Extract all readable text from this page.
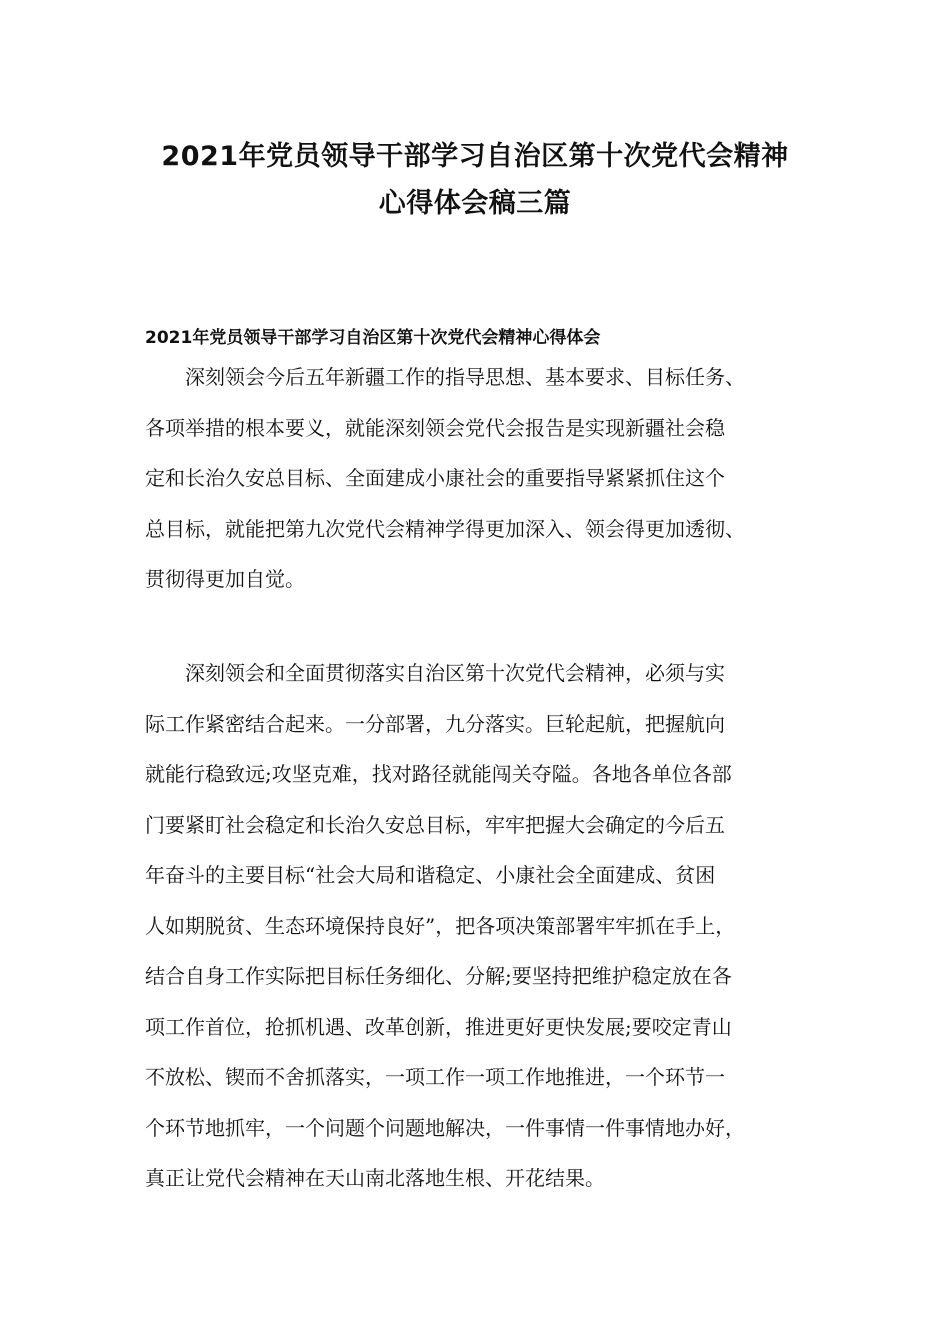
2021年党员领导干部学习自治区第十次党代会精神
心得体会稿三篇
2021年党员领导干部学习自治区第十次党代会精神心得体会

深刻领会今后五年新疆工作的指导思想、基本要求、目标任务、
各项举措的根本要义，就能深刻领会党代会报告是实现新疆社会稳
定和长治久安总目标、全面建成小康社会的重要指导紧紧抓住这个
总目标，就能把第九次党代会精神学得更加深入、领会得更加透彻、
贯彻得更加自觉。

深刻领会和全面贯彻落实自治区第十次党代会精神，必须与实
际工作紧密结合起来。一分部署，九分落实。巨轮起航，把握航向
就能行稳致远;攻坚克难，找对路径就能闯关夺隘。各地各单位各部
门要紧盯社会稳定和长治久安总目标，牢牢把握大会确定的今后五
年奋斗的主要目标“社会大局和谐稳定、小康社会全面建成、贫困
人如期脱贫、生态环境保持良好”，把各项决策部署牢牢抓在手上，
结合自身工作实际把目标任务细化、分解;要坚持把维护稳定放在各
项工作首位，抢抓机遇、改革创新，推进更好更快发展;要咬定青山
不放松、锲而不舍抓落实，一项工作一项工作地推进，一个环节一
个环节地抓牢，一个问题个问题地解决，一件事情一件事情地办好，
真正让党代会精神在天山南北落地生根、开花结果。
